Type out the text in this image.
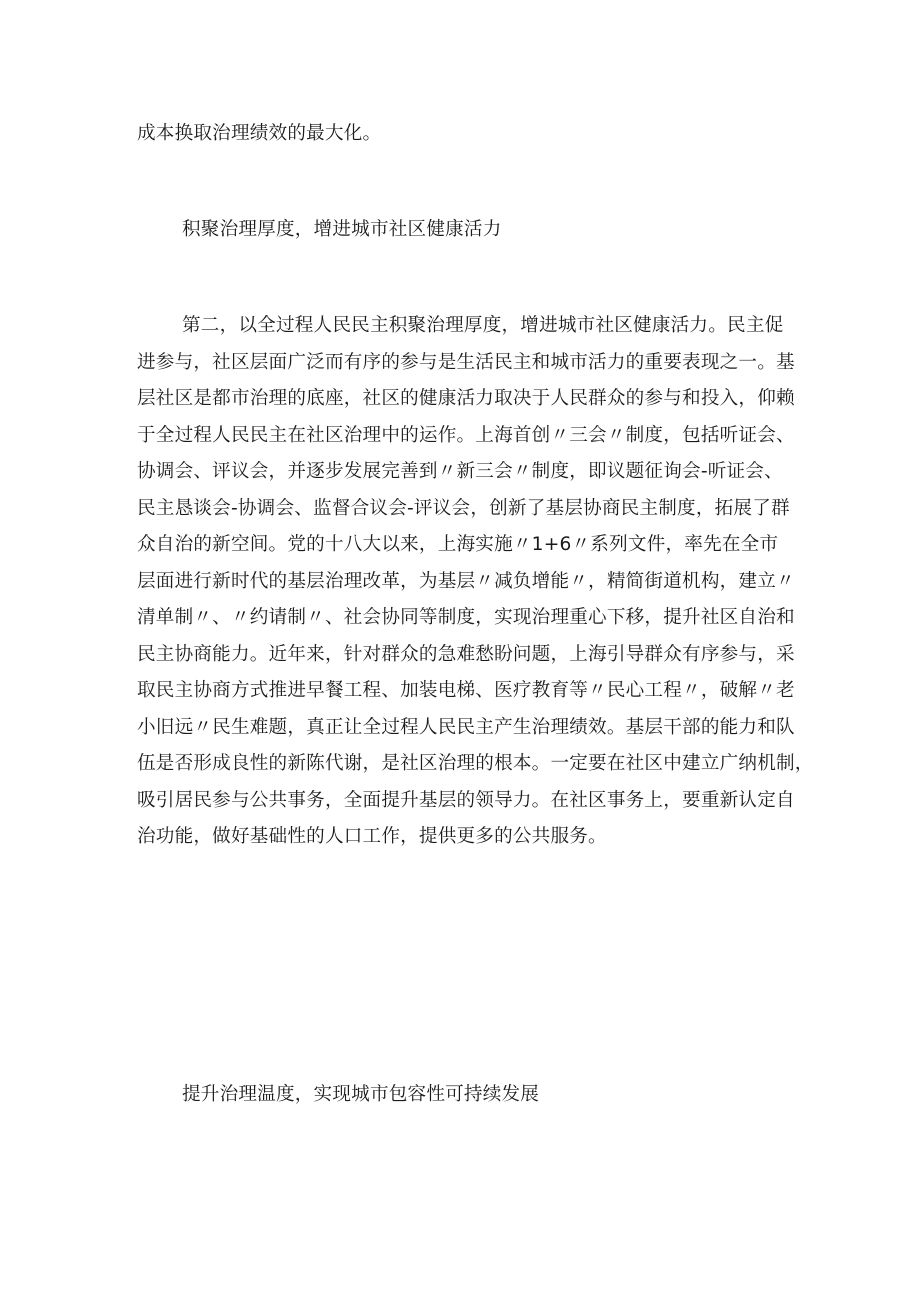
成本换取治理绩效的最大化。
积聚治理厚度，增进城市社区健康活力
第二，以全过程人民民主积聚治理厚度，增进城市社区健康活力。民主促
进参与，社区层面广泛而有序的参与是生活民主和城市活力的重要表现之一。基
层社区是都市治理的底座，社区的健康活力取决于人民群众的参与和投入，仰赖
于全过程人民民主在社区治理中的运作。上海首创〃三会〃制度，包括听证会、
协调会、评议会，并逐步发展完善到〃新三会〃制度，即议题征询会-听证会、
民主恳谈会-协调会、监督合议会-评议会，创新了基层协商民主制度，拓展了群
众自治的新空间。党的十八大以来，上海实施〃1+6〃系列文件，率先在全市
层面进行新时代的基层治理改革，为基层〃减负增能〃，精简街道机构，建立〃
清单制〃、〃约请制〃、社会协同等制度，实现治理重心下移，提升社区自治和
民主协商能力。近年来，针对群众的急难愁盼问题，上海引导群众有序参与，采
取民主协商方式推进早餐工程、加装电梯、医疗教育等〃民心工程〃，破解〃老
小旧远〃民生难题，真正让全过程人民民主产生治理绩效。基层干部的能力和队
伍是否形成良性的新陈代谢，是社区治理的根本。一定要在社区中建立广纳机制，
吸引居民参与公共事务，全面提升基层的领导力。在社区事务上，要重新认定自
治功能，做好基础性的人口工作，提供更多的公共服务。
提升治理温度，实现城市包容性可持续发展
